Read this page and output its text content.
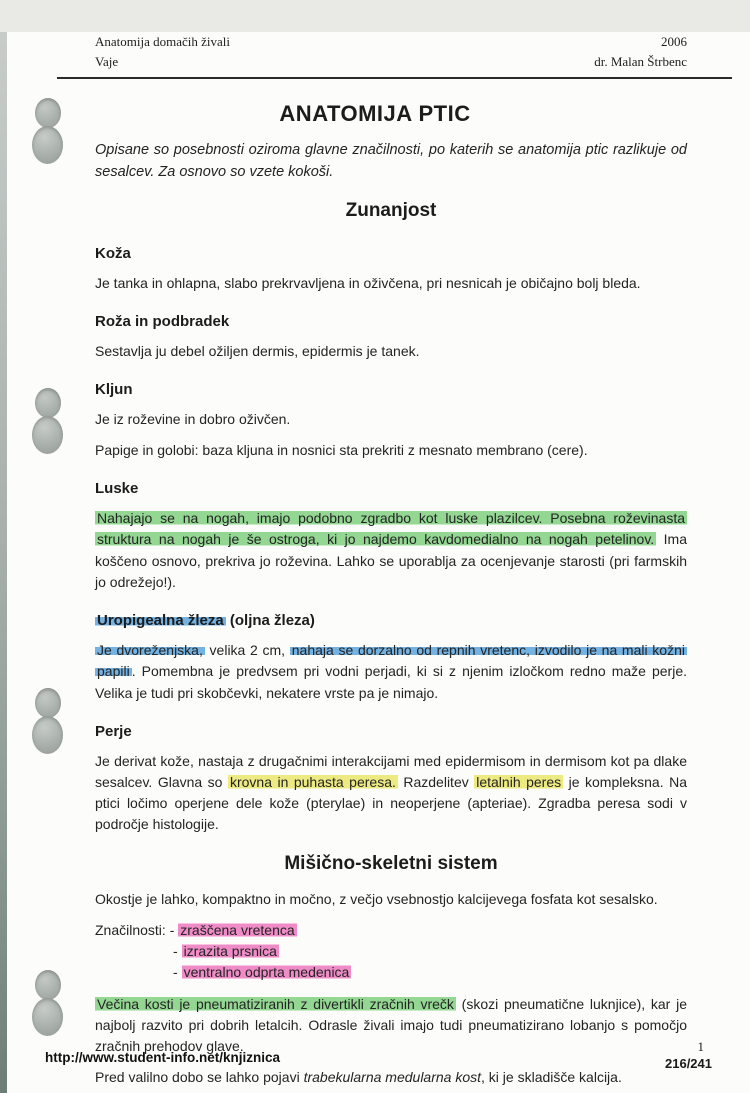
Anatomija domačih živali
Vaje
2006
dr. Malan Štrbenc
ANATOMIJA PTIC

Opisane so posebnosti oziroma glavne značilnosti, po katerih se anatomija ptic razlikuje od sesalcev. Za osnovo so vzete kokoši.

Zunanjost
Koža

Je tanka in ohlapna, slabo prekrvavljena in oživčena, pri nesnicah je običajno bolj bleda.

Roža in podbradek

Sestavlja ju debel ožiljen dermis, epidermis je tanek.

Kljun

Je iz roževine in dobro oživčen.

Papige in golobi: baza kljuna in nosnici sta prekriti z mesnato membrano (cere).

Luske

Nahajajo se na nogah, imajo podobno zgradbo kot luske plazilcev. Posebna roževinasta struktura na nogah je še ostroga, ki jo najdemo kavdomedialno na nogah petelinov. Ima koščeno osnovo, prekriva jo roževina. Lahko se uporablja za ocenjevanje starosti (pri farmskih jo odrežejo!).

Uropigealna žleza (oljna žleza)

Je dvoreženjska, velika 2 cm, nahaja se dorzalno od repnih vretenc, izvodilo je na mali kožni papili . Pomembna je predvsem pri vodni perjadi, ki si z njenim izločkom redno maže perje. Velika je tudi pri skobčevki, nekatere vrste pa je nimajo.

Perje

Je derivat kože, nastaja z drugačnimi interakcijami med epidermisom in dermisom kot pa dlake sesalcev. Glavna so krovna in puhasta peresa. Razdelitev letalnih peres je kompleksna. Na ptici ločimo operjene dele kože (pterylae) in neoperjene (apteriae). Zgradba peresa sodi v področje histologije.

Mišično-skeletni sistem

Okostje je lahko, kompaktno in močno, z večjo vsebnostjo kalcijevega fosfata kot sesalsko.

Značilnosti: - zraščena vretenca
- izrazita prsnica
- ventralno odprta medenica

Večina kosti je pneumatiziranih z divertikli zračnih vrečk (skozi pneumatične luknjice), kar je najbolj razvito pri dobrih letalcih. Odrasle živali imajo tudi pneumatizirano lobanjo s pomočjo zračnih prehodov glave.

Pred valilno dobo se lahko pojavi trabekularna medularna kost, ki je skladišče kalcija.

http://www.student-info.net/knjiznica
1
216/241
